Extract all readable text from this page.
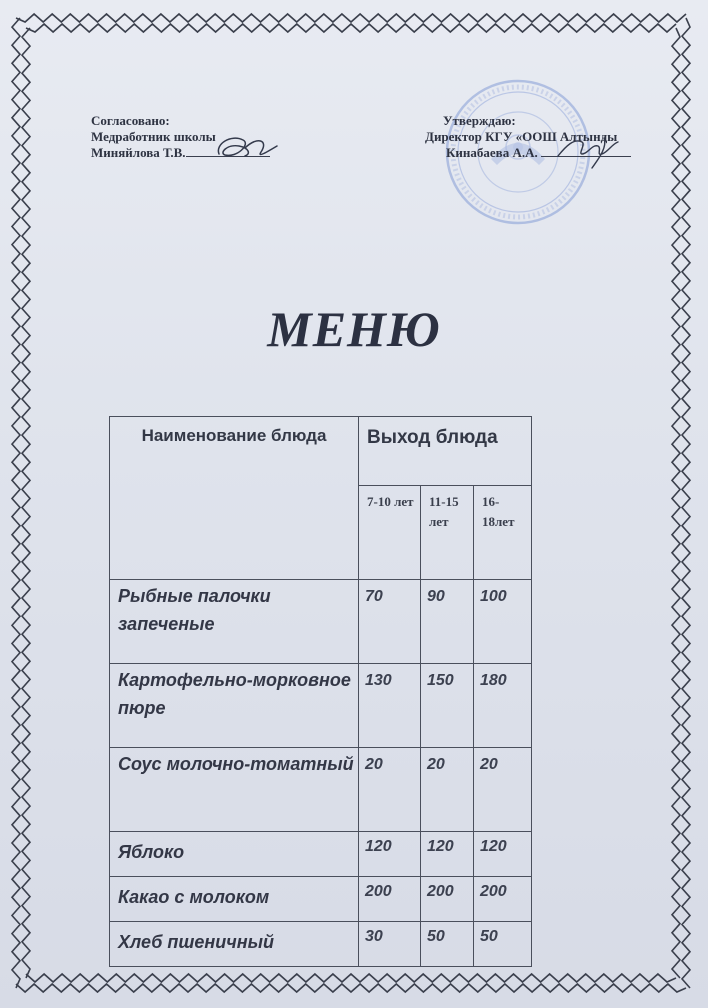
Согласовано:
Медработник школы
Миняйлова Т.В.
Утверждаю:
Директор КГУ «ООШ Алтынды
Кинабаева А.А.
МЕНЮ
Наименование блюда	Выход блюда		
	7-10 лет	11-15 лет	16-18лет
Рыбные палочки запеченые	70	90	100
Картофельно-морковное пюре	130	150	180
Соус молочно-томатный	20	20	20
Яблоко	120	120	120
Какао с молоком	200	200	200
Хлеб пшеничный	30	50	50
